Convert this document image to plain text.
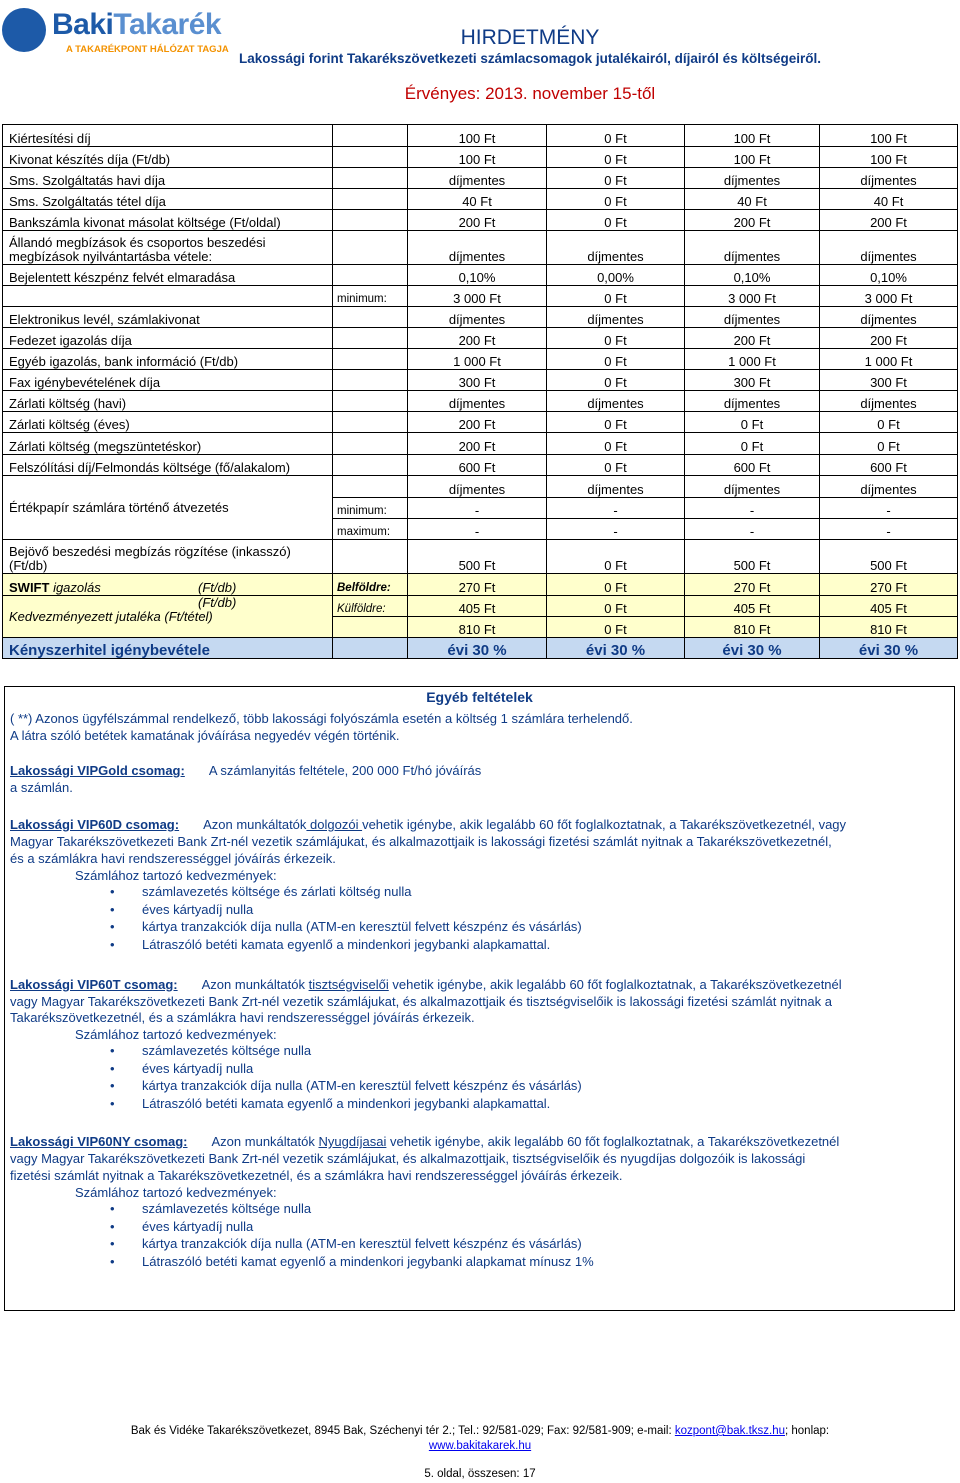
BakiTakarék
A TAKARÉKPONT HÁLÓZAT TAGJA
HIRDETMÉNY
Lakossági forint Takarékszövetkezeti számlacsomagok jutalékairól, díjairól és költségeiről.
Érvényes: 2013. november 15-től
Kiértesítési díj		100 Ft	0 Ft	100 Ft	100 Ft
Kivonat készítés díja (Ft/db)		100 Ft	0 Ft	100 Ft	100 Ft
Sms. Szolgáltatás havi díja		díjmentes	0 Ft	díjmentes	díjmentes
Sms. Szolgáltatás tétel díja		40 Ft	0 Ft	40 Ft	40 Ft
Bankszámla kivonat másolat költsége (Ft/oldal)		200 Ft	0 Ft	200 Ft	200 Ft
Állandó megbízások és csoportos beszedési megbízások nyilvántartásba vétele:		díjmentes	díjmentes	díjmentes	díjmentes
Bejelentett készpénz felvét elmaradása		0,10%	0,00%	0,10%	0,10%
	minimum:	3 000 Ft	0 Ft	3 000 Ft	3 000 Ft
Elektronikus levél, számlakivonat		díjmentes	díjmentes	díjmentes	díjmentes
Fedezet igazolás díja		200 Ft	0 Ft	200 Ft	200 Ft
Egyéb igazolás, bank információ (Ft/db)		1 000 Ft	0 Ft	1 000 Ft	1 000 Ft
Fax igénybevételének díja		300 Ft	0 Ft	300 Ft	300 Ft
Zárlati költség (havi)		díjmentes	díjmentes	díjmentes	díjmentes
Zárlati költség (éves)		200 Ft	0 Ft	0 Ft	0 Ft
Zárlati költség (megszüntetéskor)		200 Ft	0 Ft	0 Ft	0 Ft
Felszólítási díj/Felmondás költsége (fő/alakalom)		600 Ft	0 Ft	600 Ft	600 Ft
Értékpapír számlára történő átvezetés		díjmentes	díjmentes	díjmentes	díjmentes
	minimum:	-	-	-	-
	maximum:	-	-	-	-
Bejövő beszedési megbízás rögzítése (inkasszó) (Ft/db)		500 Ft	0 Ft	500 Ft	500 Ft
SWIFT igazolás (Ft/db)	Belföldre:	270 Ft	0 Ft	270 Ft	270 Ft

(Ft/db)
Kedvezményezett jutaléka (Ft/tétel)	Külföldre:	405 Ft	0 Ft	405 Ft	405 Ft
		810 Ft	0 Ft	810 Ft	810 Ft
Kényszerhitel igénybevétele		évi 30 %	évi 30 %	évi 30 %	évi 30 %
Egyéb feltételek
( **) Azonos ügyfélszámmal rendelkező, több lakossági folyószámla esetén a költség 1 számlára terhelendő.
A látra szóló betétek kamatának jóváírása negyedév végén történik.
Lakossági VIPGold csomag: A számlanyitás feltétele, 200 000 Ft/hó jóváírás
a számlán.
Lakossági VIP60D csomag: Azon munkáltatók dolgozói vehetik igénybe, akik legalább 60 főt foglalkoztatnak, a Takarékszövetkezetnél, vagy
Magyar Takarékszövetkezeti Bank Zrt-nél vezetik számlájukat, és alkalmazottjaik is lakossági fizetési számlát nyitnak a Takarékszövetkezetnél,
és a számlákra havi rendszerességgel jóváírás érkezeik.
Számlához tartozó kedvezmények:
• számlavezetés költsége és zárlati költség nulla
• éves kártyadíj nulla
• kártya tranzakciók díja nulla (ATM-en keresztül felvett készpénz és vásárlás)
• Látraszóló betéti kamata egyenlő a mindenkori jegybanki alapkamattal.
Lakossági VIP60T csomag: Azon munkáltatók tisztségviselői vehetik igénybe, akik legalább 60 főt foglalkoztatnak, a Takarékszövetkezetnél
vagy Magyar Takarékszövetkezeti Bank Zrt-nél vezetik számlájukat, és alkalmazottjaik és tisztségviselőik is lakossági fizetési számlát nyitnak a
Takarékszövetkezetnél, és a számlákra havi rendszerességgel jóváírás érkezeik.
Számlához tartozó kedvezmények:
• számlavezetés költsége nulla
• éves kártyadíj nulla
• kártya tranzakciók díja nulla (ATM-en keresztül felvett készpénz és vásárlás)
• Látraszóló betéti kamata egyenlő a mindenkori jegybanki alapkamattal.
Lakossági VIP60NY csomag: Azon munkáltatók Nyugdíjasai vehetik igénybe, akik legalább 60 főt foglalkoztatnak, a Takarékszövetkezetnél
vagy Magyar Takarékszövetkezeti Bank Zrt-nél vezetik számlájukat, és alkalmazottjaik, tisztségviselőik és nyugdíjas dolgozóik is lakossági
fizetési számlát nyitnak a Takarékszövetkezetnél, és a számlákra havi rendszerességgel jóváírás érkezeik.
Számlához tartozó kedvezmények:
• számlavezetés költsége nulla
• éves kártyadíj nulla
• kártya tranzakciók díja nulla (ATM-en keresztül felvett készpénz és vásárlás)
• Látraszóló betéti kamat egyenlő a mindenkori jegybanki alapkamat mínusz 1%
Bak és Vidéke Takarékszövetkezet, 8945 Bak, Széchenyi tér 2.; Tel.: 92/581-029; Fax: 92/581-909; e-mail: kozpont@bak.tksz.hu; honlap:
www.bakitakarek.hu
5. oldal, összesen: 17
